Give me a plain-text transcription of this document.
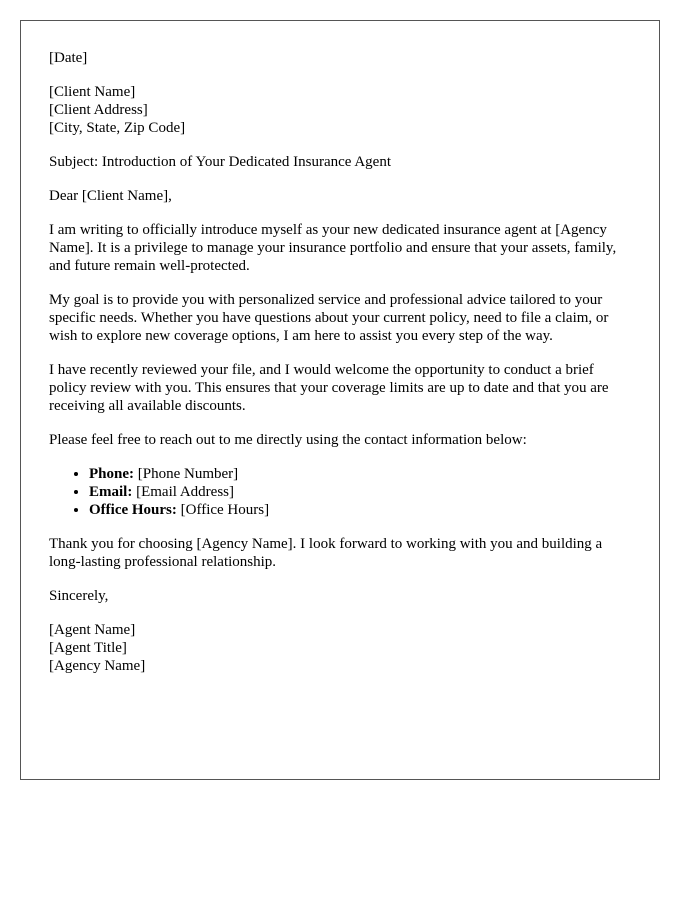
[Date]
[Client Name]
[Client Address]
[City, State, Zip Code]

Subject: Introduction of Your Dedicated Insurance Agent

Dear [Client Name],

I am writing to officially introduce myself as your new dedicated insurance agent at [Agency Name]. It is a privilege to manage your insurance portfolio and ensure that your assets, family, and future remain well-protected.

My goal is to provide you with personalized service and professional advice tailored to your specific needs. Whether you have questions about your current policy, need to file a claim, or wish to explore new coverage options, I am here to assist you every step of the way.

I have recently reviewed your file, and I would welcome the opportunity to conduct a brief policy review with you. This ensures that your coverage limits are up to date and that you are receiving all available discounts.

Please feel free to reach out to me directly using the contact information below:

• Phone: [Phone Number]
• Email: [Email Address]
• Office Hours: [Office Hours]

Thank you for choosing [Agency Name]. I look forward to working with you and building a long-lasting professional relationship.

Sincerely,

[Agent Name]
[Agent Title]
[Agency Name]
